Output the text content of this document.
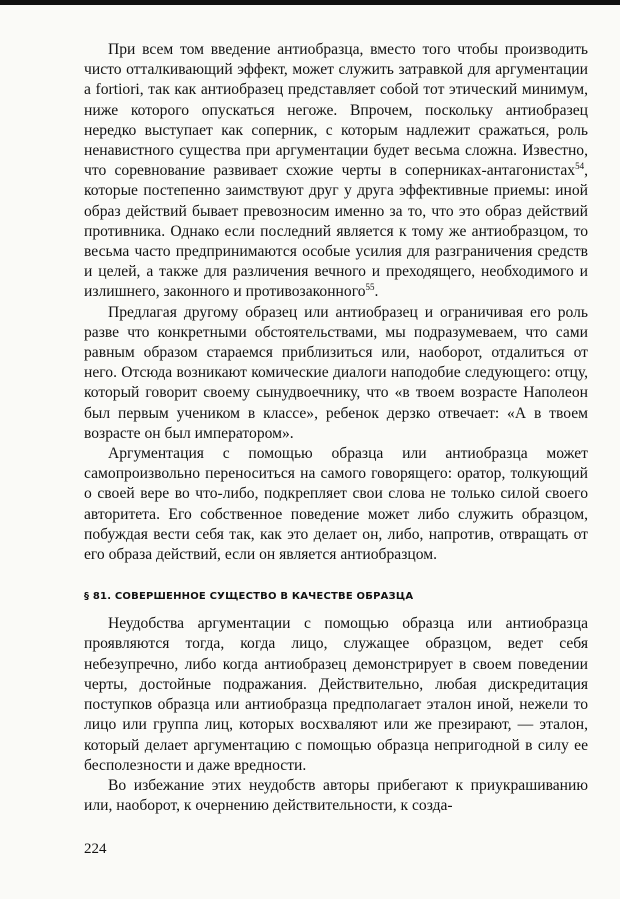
При всем том введение антиобразца, вместо того чтобы производить чисто отталкивающий эффект, может служить затравкой для аргументации a fortiori, так как антиобразец представляет собой тот этический минимум, ниже которого опускаться негоже. Впрочем, поскольку антиобразец нередко выступает как соперник, с которым надлежит сражаться, роль ненавистного существа при аргументации будет весьма сложна. Известно, что соревнование развивает схожие черты в соперниках-антагонистах$^{54}$, которые постепенно заимствуют друг у друга эффективные приемы: иной образ действий бывает превозносим именно за то, что это образ действий противника. Однако если последний является к тому же антиобразцом, то весьма часто предпринимаются особые усилия для разграничения средств и целей, а также для различения вечного и преходящего, необходимого и излишнего, законного и противозаконного$^{55}$.

Предлагая другому образец или антиобразец и ограничивая его роль разве что конкретными обстоятельствами, мы подразумеваем, что сами равным образом стараемся приблизиться или, наоборот, отдалиться от него. Отсюда возникают комические диалоги наподобие следующего: отцу, который говорит своему сынудвоечнику, что «в твоем возрасте Наполеон был первым учеником в классе», ребенок дерзко отвечает: «А в твоем возрасте он был императором».

Аргументация с помощью образца или антиобразца может самопроизвольно переноситься на самого говорящего: оратор, толкующий о своей вере во что-либо, подкрепляет свои слова не только силой своего авторитета. Его собственное поведение может либо служить образцом, побуждая вести себя так, как это делает он, либо, напротив, отвращать от его образа действий, если он является антиобразцом.

§ 81. СОВЕРШЕННОЕ СУЩЕСТВО В КАЧЕСТВЕ ОБРАЗЦА

Неудобства аргументации с помощью образца или антиобразца проявляются тогда, когда лицо, служащее образцом, ведет себя небезупречно, либо когда антиобразец демонстрирует в своем поведении черты, достойные подражания. Действительно, любая дискредитация поступков образца или антиобразца предполагает эталон иной, нежели то лицо или группа лиц, которых восхваляют или же презирают, — эталон, который делает аргументацию с помощью образца непригодной в силу ее бесполезности и даже вредности.

Во избежание этих неудобств авторы прибегают к приукрашиванию или, наоборот, к очернению действительности, к созда-

224
